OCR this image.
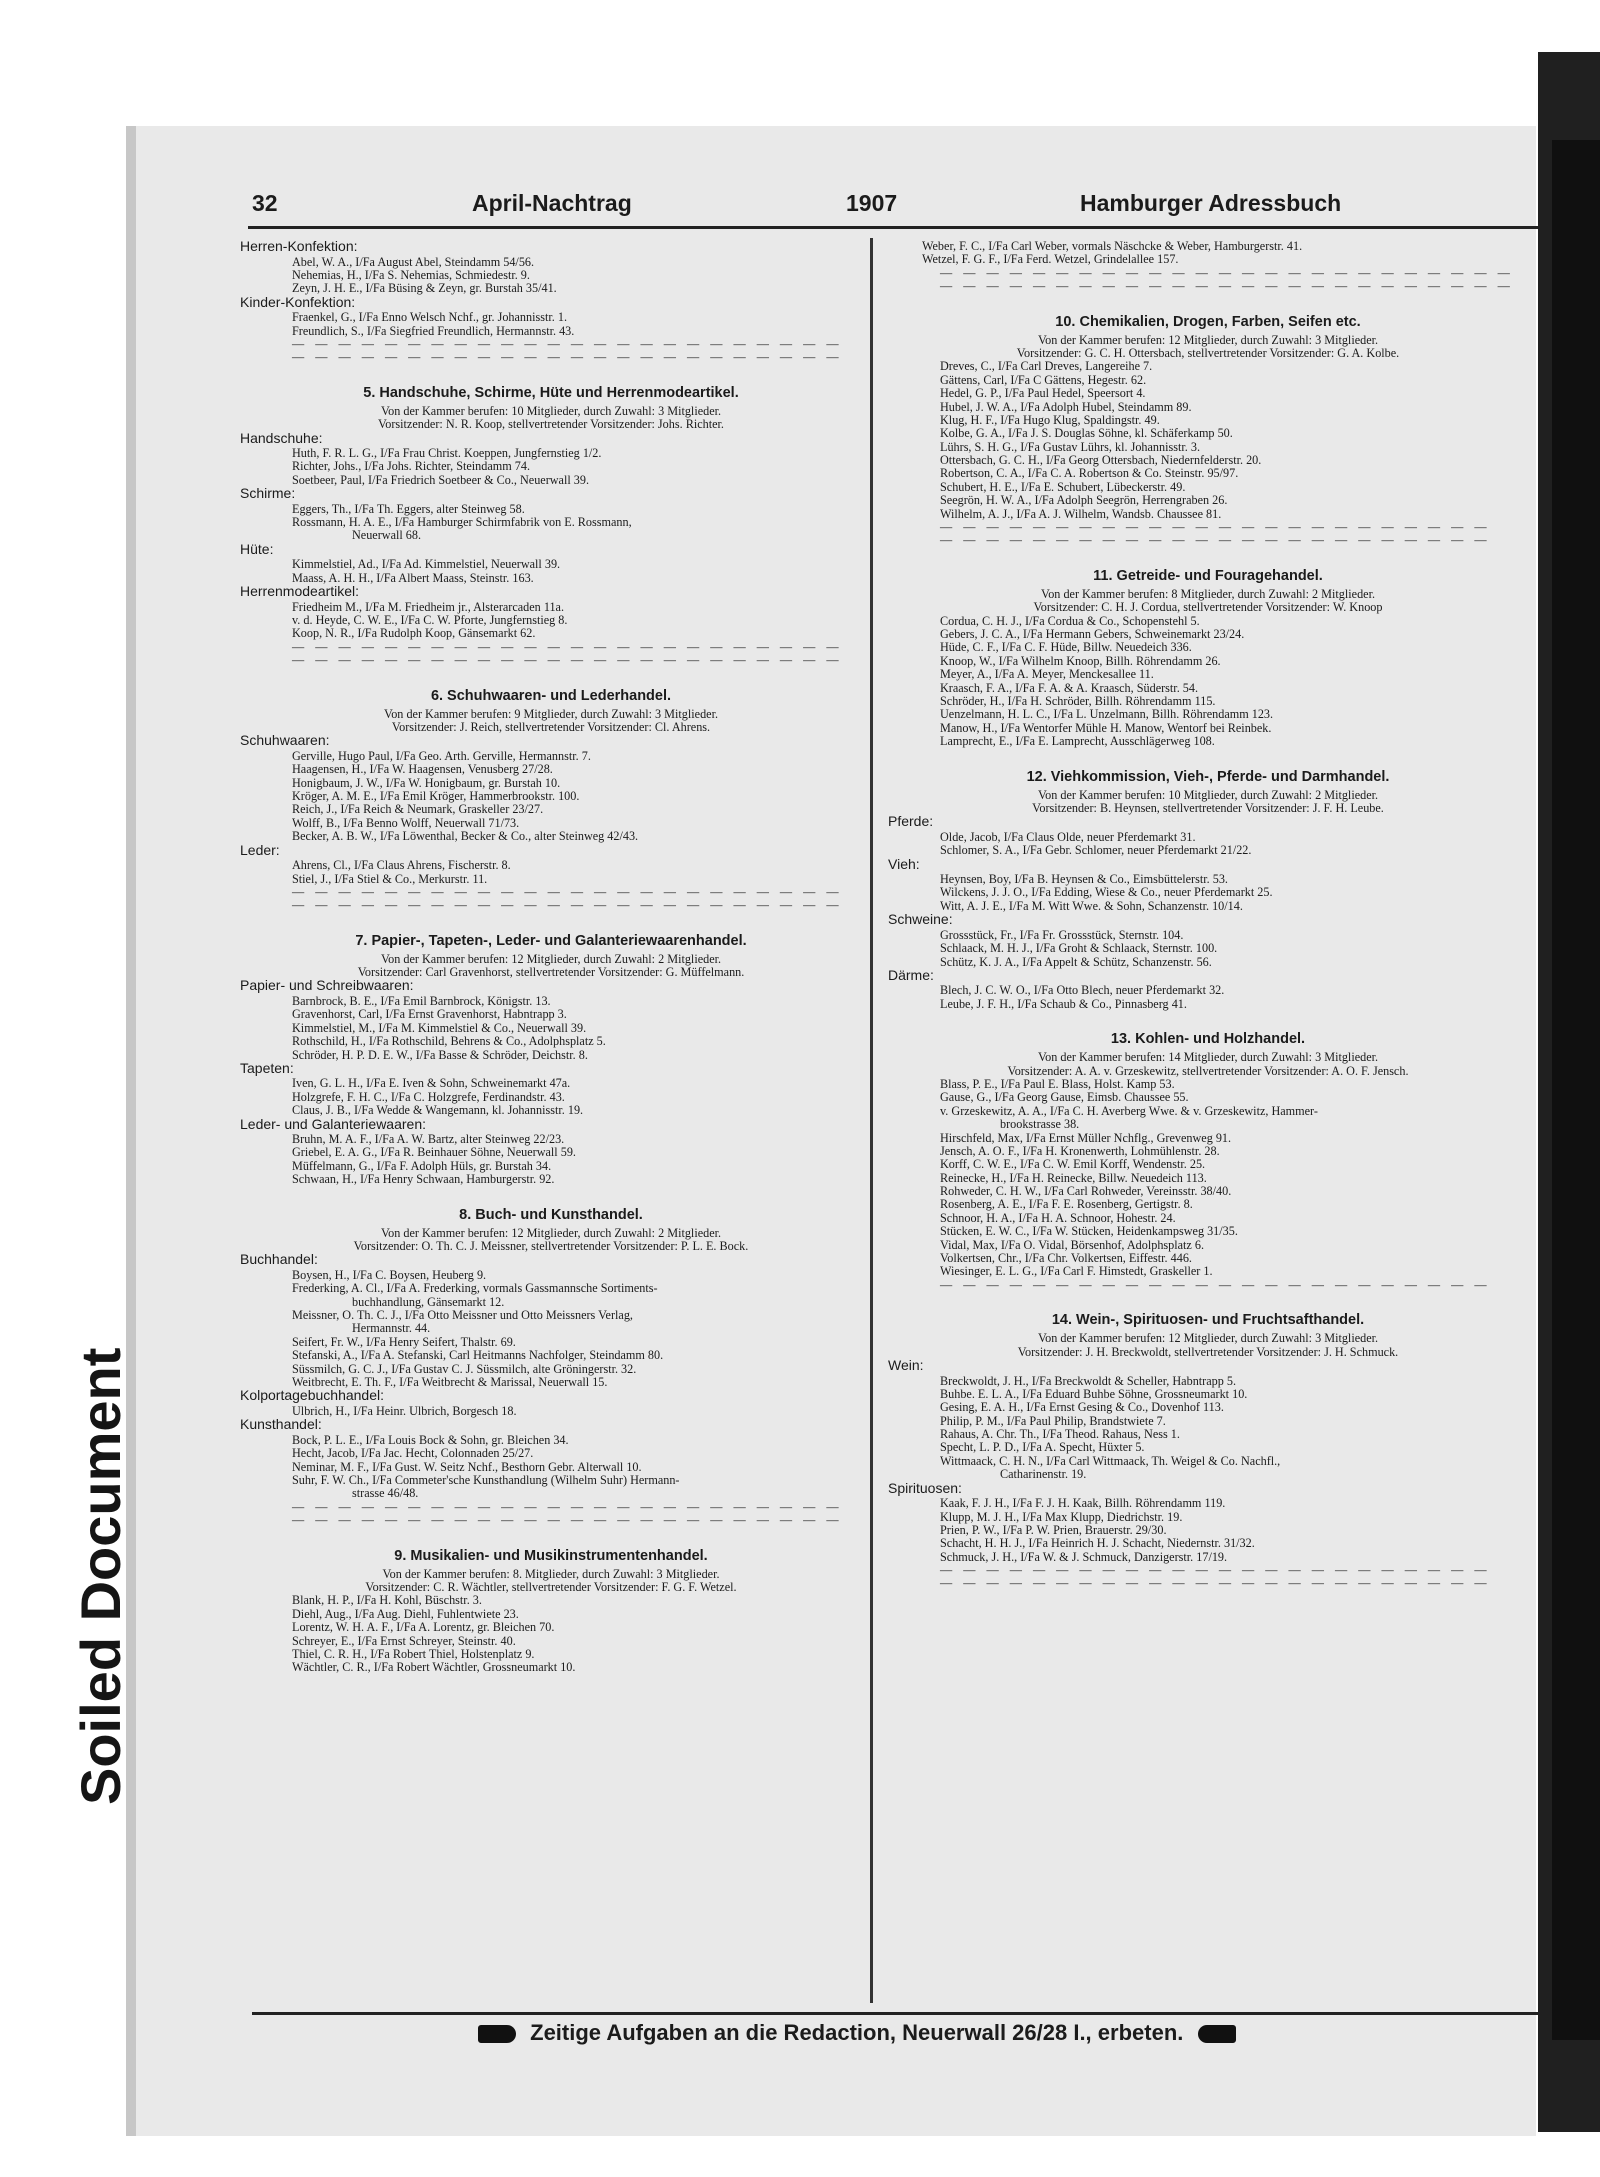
Soiled Document
32	April-Nachtrag	1907	Hamburger Adressbuch
Herren-Konfektion:
Abel, W. A., I/Fa August Abel, Steindamm 54/56.
Nehemias, H., I/Fa S. Nehemias, Schmiedestr. 9.
Zeyn, J. H. E., I/Fa Büsing & Zeyn, gr. Burstah 35/41.
Kinder-Konfektion:
Fraenkel, G., I/Fa Enno Welsch Nchf., gr. Johannisstr. 1.
Freundlich, S., I/Fa Siegfried Freundlich, Hermannstr. 43.
— — — — — — — — — — — — — — — — — — — — — — — —
— — — — — — — — — — — — — — — — — — — — — — — —
5. Handschuhe, Schirme, Hüte und Herrenmodeartikel.
Von der Kammer berufen: 10 Mitglieder, durch Zuwahl: 3 Mitglieder.
Vorsitzender: N. R. Koop, stellvertretender Vorsitzender: Johs. Richter.
Handschuhe:
Huth, F. R. L. G., I/Fa Frau Christ. Koeppen, Jungfernstieg 1/2.
Richter, Johs., I/Fa Johs. Richter, Steindamm 74.
Soetbeer, Paul, I/Fa Friedrich Soetbeer & Co., Neuerwall 39.
Schirme:
Eggers, Th., I/Fa Th. Eggers, alter Steinweg 58.
Rossmann, H. A. E., I/Fa Hamburger Schirmfabrik von E. Rossmann,
Neuerwall 68.
Hüte:
Kimmelstiel, Ad., I/Fa Ad. Kimmelstiel, Neuerwall 39.
Maass, A. H. H., I/Fa Albert Maass, Steinstr. 163.
Herrenmodeartikel:
Friedheim M., I/Fa M. Friedheim jr., Alsterarcaden 11a.
v. d. Heyde, C. W. E., I/Fa C. W. Pforte, Jungfernstieg 8.
Koop, N. R., I/Fa Rudolph Koop, Gänsemarkt 62.
— — — — — — — — — — — — — — — — — — — — — — — —
— — — — — — — — — — — — — — — — — — — — — — — —
6. Schuhwaaren- und Lederhandel.
Von der Kammer berufen: 9 Mitglieder, durch Zuwahl: 3 Mitglieder.
Vorsitzender: J. Reich, stellvertretender Vorsitzender: Cl. Ahrens.
Schuhwaaren:
Gerville, Hugo Paul, I/Fa Geo. Arth. Gerville, Hermannstr. 7.
Haagensen, H., I/Fa W. Haagensen, Venusberg 27/28.
Honigbaum, J. W., I/Fa W. Honigbaum, gr. Burstah 10.
Kröger, A. M. E., I/Fa Emil Kröger, Hammerbrookstr. 100.
Reich, J., I/Fa Reich & Neumark, Graskeller 23/27.
Wolff, B., I/Fa Benno Wolff, Neuerwall 71/73.
Becker, A. B. W., I/Fa Löwenthal, Becker & Co., alter Steinweg 42/43.
Leder:
Ahrens, Cl., I/Fa Claus Ahrens, Fischerstr. 8.
Stiel, J., I/Fa Stiel & Co., Merkurstr. 11.
— — — — — — — — — — — — — — — — — — — — — — — —
— — — — — — — — — — — — — — — — — — — — — — — —
7. Papier-, Tapeten-, Leder- und Galanteriewaarenhandel.
Von der Kammer berufen: 12 Mitglieder, durch Zuwahl: 2 Mitglieder.
Vorsitzender: Carl Gravenhorst, stellvertretender Vorsitzender: G. Müffelmann.
Papier- und Schreibwaaren:
Barnbrock, B. E., I/Fa Emil Barnbrock, Königstr. 13.
Gravenhorst, Carl, I/Fa Ernst Gravenhorst, Habntrapp 3.
Kimmelstiel, M., I/Fa M. Kimmelstiel & Co., Neuerwall 39.
Rothschild, H., I/Fa Rothschild, Behrens & Co., Adolphsplatz 5.
Schröder, H. P. D. E. W., I/Fa Basse & Schröder, Deichstr. 8.
Tapeten:
Iven, G. L. H., I/Fa E. Iven & Sohn, Schweinemarkt 47a.
Holzgrefe, F. H. C., I/Fa C. Holzgrefe, Ferdinandstr. 43.
Claus, J. B., I/Fa Wedde & Wangemann, kl. Johannisstr. 19.
Leder- und Galanteriewaaren:
Bruhn, M. A. F., I/Fa A. W. Bartz, alter Steinweg 22/23.
Griebel, E. A. G., I/Fa R. Beinhauer Söhne, Neuerwall 59.
Müffelmann, G., I/Fa F. Adolph Hüls, gr. Burstah 34.
Schwaan, H., I/Fa Henry Schwaan, Hamburgerstr. 92.
8. Buch- und Kunsthandel.
Von der Kammer berufen: 12 Mitglieder, durch Zuwahl: 2 Mitglieder.
Vorsitzender: O. Th. C. J. Meissner, stellvertretender Vorsitzender: P. L. E. Bock.
Buchhandel:
Boysen, H., I/Fa C. Boysen, Heuberg 9.
Frederking, A. Cl., I/Fa A. Frederking, vormals Gassmannsche Sortiments-
buchhandlung, Gänsemarkt 12.
Meissner, O. Th. C. J., I/Fa Otto Meissner und Otto Meissners Verlag,
Hermannstr. 44.
Seifert, Fr. W., I/Fa Henry Seifert, Thalstr. 69.
Stefanski, A., I/Fa A. Stefanski, Carl Heitmanns Nachfolger, Steindamm 80.
Süssmilch, G. C. J., I/Fa Gustav C. J. Süssmilch, alte Gröningerstr. 32.
Weitbrecht, E. Th. F., I/Fa Weitbrecht & Marissal, Neuerwall 15.
Kolportagebuchhandel:
Ulbrich, H., I/Fa Heinr. Ulbrich, Borgesch 18.
Kunsthandel:
Bock, P. L. E., I/Fa Louis Bock & Sohn, gr. Bleichen 34.
Hecht, Jacob, I/Fa Jac. Hecht, Colonnaden 25/27.
Neminar, M. F., I/Fa Gust. W. Seitz Nchf., Besthorn Gebr. Alterwall 10.
Suhr, F. W. Ch., I/Fa Commeter'sche Kunsthandlung (Wilhelm Suhr) Hermann-
strasse 46/48.
— — — — — — — — — — — — — — — — — — — — — — — —
— — — — — — — — — — — — — — — — — — — — — — — —
9. Musikalien- und Musikinstrumentenhandel.
Von der Kammer berufen: 8. Mitglieder, durch Zuwahl: 3 Mitglieder.
Vorsitzender: C. R. Wächtler, stellvertretender Vorsitzender: F. G. F. Wetzel.
Blank, H. P., I/Fa H. Kohl, Büschstr. 3.
Diehl, Aug., I/Fa Aug. Diehl, Fuhlentwiete 23.
Lorentz, W. H. A. F., I/Fa A. Lorentz, gr. Bleichen 70.
Schreyer, E., I/Fa Ernst Schreyer, Steinstr. 40.
Thiel, C. R. H., I/Fa Robert Thiel, Holstenplatz 9.
Wächtler, C. R., I/Fa Robert Wächtler, Grossneumarkt 10.
Weber, F. C., I/Fa Carl Weber, vormals Näschcke & Weber, Hamburgerstr. 41.
Wetzel, F. G. F., I/Fa Ferd. Wetzel, Grindelallee 157.
— — — — — — — — — — — — — — — — — — — — — — — — —
— — — — — — — — — — — — — — — — — — — — — — — — —
10. Chemikalien, Drogen, Farben, Seifen etc.
Von der Kammer berufen: 12 Mitglieder, durch Zuwahl: 3 Mitglieder.
Vorsitzender: G. C. H. Ottersbach, stellvertretender Vorsitzender: G. A. Kolbe.
Dreves, C., I/Fa Carl Dreves, Langereihe 7.
Gättens, Carl, I/Fa C Gättens, Hegestr. 62.
Hedel, G. P., I/Fa Paul Hedel, Speersort 4.
Hubel, J. W. A., I/Fa Adolph Hubel, Steindamm 89.
Klug, H. F., I/Fa Hugo Klug, Spaldingstr. 49.
Kolbe, G. A., I/Fa J. S. Douglas Söhne, kl. Schäferkamp 50.
Lührs, S. H. G., I/Fa Gustav Lührs, kl. Johannisstr. 3.
Ottersbach, G. C. H., I/Fa Georg Ottersbach, Niedernfelderstr. 20.
Robertson, C. A., I/Fa C. A. Robertson & Co. Steinstr. 95/97.
Schubert, H. E., I/Fa E. Schubert, Lübeckerstr. 49.
Seegrön, H. W. A., I/Fa Adolph Seegrön, Herrengraben 26.
Wilhelm, A. J., I/Fa A. J. Wilhelm, Wandsb. Chaussee 81.
— — — — — — — — — — — — — — — — — — — — — — — —
— — — — — — — — — — — — — — — — — — — — — — — —
11. Getreide- und Fouragehandel.
Von der Kammer berufen: 8 Mitglieder, durch Zuwahl: 2 Mitglieder.
Vorsitzender: C. H. J. Cordua, stellvertretender Vorsitzender: W. Knoop
Cordua, C. H. J., I/Fa Cordua & Co., Schopenstehl 5.
Gebers, J. C. A., I/Fa Hermann Gebers, Schweinemarkt 23/24.
Hüde, C. F., I/Fa C. F. Hüde, Billw. Neuedeich 336.
Knoop, W., I/Fa Wilhelm Knoop, Billh. Röhrendamm 26.
Meyer, A., I/Fa A. Meyer, Menckesallee 11.
Kraasch, F. A., I/Fa F. A. & A. Kraasch, Süderstr. 54.
Schröder, H., I/Fa H. Schröder, Billh. Röhrendamm 115.
Uenzelmann, H. L. C., I/Fa L. Unzelmann, Billh. Röhrendamm 123.
Manow, H., I/Fa Wentorfer Mühle H. Manow, Wentorf bei Reinbek.
Lamprecht, E., I/Fa E. Lamprecht, Ausschlägerweg 108.
12. Viehkommission, Vieh-, Pferde- und Darmhandel.
Von der Kammer berufen: 10 Mitglieder, durch Zuwahl: 2 Mitglieder.
Vorsitzender: B. Heynsen, stellvertretender Vorsitzender: J. F. H. Leube.
Pferde:
Olde, Jacob, I/Fa Claus Olde, neuer Pferdemarkt 31.
Schlomer, S. A., I/Fa Gebr. Schlomer, neuer Pferdemarkt 21/22.
Vieh:
Heynsen, Boy, I/Fa B. Heynsen & Co., Eimsbüttelerstr. 53.
Wilckens, J. J. O., I/Fa Edding, Wiese & Co., neuer Pferdemarkt 25.
Witt, A. J. E., I/Fa M. Witt Wwe. & Sohn, Schanzenstr. 10/14.
Schweine:
Grossstück, Fr., I/Fa Fr. Grossstück, Sternstr. 104.
Schlaack, M. H. J., I/Fa Groht & Schlaack, Sternstr. 100.
Schütz, K. J. A., I/Fa Appelt & Schütz, Schanzenstr. 56.
Därme:
Blech, J. C. W. O., I/Fa Otto Blech, neuer Pferdemarkt 32.
Leube, J. F. H., I/Fa Schaub & Co., Pinnasberg 41.
13. Kohlen- und Holzhandel.
Von der Kammer berufen: 14 Mitglieder, durch Zuwahl: 3 Mitglieder.
Vorsitzender: A. A. v. Grzeskewitz, stellvertretender Vorsitzender: A. O. F. Jensch.
Blass, P. E., I/Fa Paul E. Blass, Holst. Kamp 53.
Gause, G., I/Fa Georg Gause, Eimsb. Chaussee 55.
v. Grzeskewitz, A. A., I/Fa C. H. Averberg Wwe. & v. Grzeskewitz, Hammer-
brookstrasse 38.
Hirschfeld, Max, I/Fa Ernst Müller Nchflg., Grevenweg 91.
Jensch, A. O. F., I/Fa H. Kronenwerth, Lohmühlenstr. 28.
Korff, C. W. E., I/Fa C. W. Emil Korff, Wendenstr. 25.
Reinecke, H., I/Fa H. Reinecke, Billw. Neuedeich 113.
Rohweder, C. H. W., I/Fa Carl Rohweder, Vereinsstr. 38/40.
Rosenberg, A. E., I/Fa F. E. Rosenberg, Gertigstr. 8.
Schnoor, H. A., I/Fa H. A. Schnoor, Hohestr. 24.
Stücken, E. W. C., I/Fa W. Stücken, Heidenkampsweg 31/35.
Vidal, Max, I/Fa O. Vidal, Börsenhof, Adolphsplatz 6.
Volkertsen, Chr., I/Fa Chr. Volkertsen, Eiffestr. 446.
Wiesinger, E. L. G., I/Fa Carl F. Himstedt, Graskeller 1.
— — — — — — — — — — — — — — — — — — — — — — — —
14. Wein-, Spirituosen- und Fruchtsafthandel.
Von der Kammer berufen: 12 Mitglieder, durch Zuwahl: 3 Mitglieder.
Vorsitzender: J. H. Breckwoldt, stellvertretender Vorsitzender: J. H. Schmuck.
Wein:
Breckwoldt, J. H., I/Fa Breckwoldt & Scheller, Habntrapp 5.
Buhbe. E. L. A., I/Fa Eduard Buhbe Söhne, Grossneumarkt 10.
Gesing, E. A. H., I/Fa Ernst Gesing & Co., Dovenhof 113.
Philip, P. M., I/Fa Paul Philip, Brandstwiete 7.
Rahaus, A. Chr. Th., I/Fa Theod. Rahaus, Ness 1.
Specht, L. P. D., I/Fa A. Specht, Hüxter 5.
Wittmaack, C. H. N., I/Fa Carl Wittmaack, Th. Weigel & Co. Nachfl.,
Catharinenstr. 19.
Spirituosen:
Kaak, F. J. H., I/Fa F. J. H. Kaak, Billh. Röhrendamm 119.
Klupp, M. J. H., I/Fa Max Klupp, Diedrichstr. 19.
Prien, P. W., I/Fa P. W. Prien, Brauerstr. 29/30.
Schacht, H. H. J., I/Fa Heinrich H. J. Schacht, Niedernstr. 31/32.
Schmuck, J. H., I/Fa W. & J. Schmuck, Danzigerstr. 17/19.
— — — — — — — — — — — — — — — — — — — — — — — —
— — — — — — — — — — — — — — — — — — — — — — — —
Zeitige Aufgaben an die Redaction, Neuerwall 26/28 I., erbeten.
